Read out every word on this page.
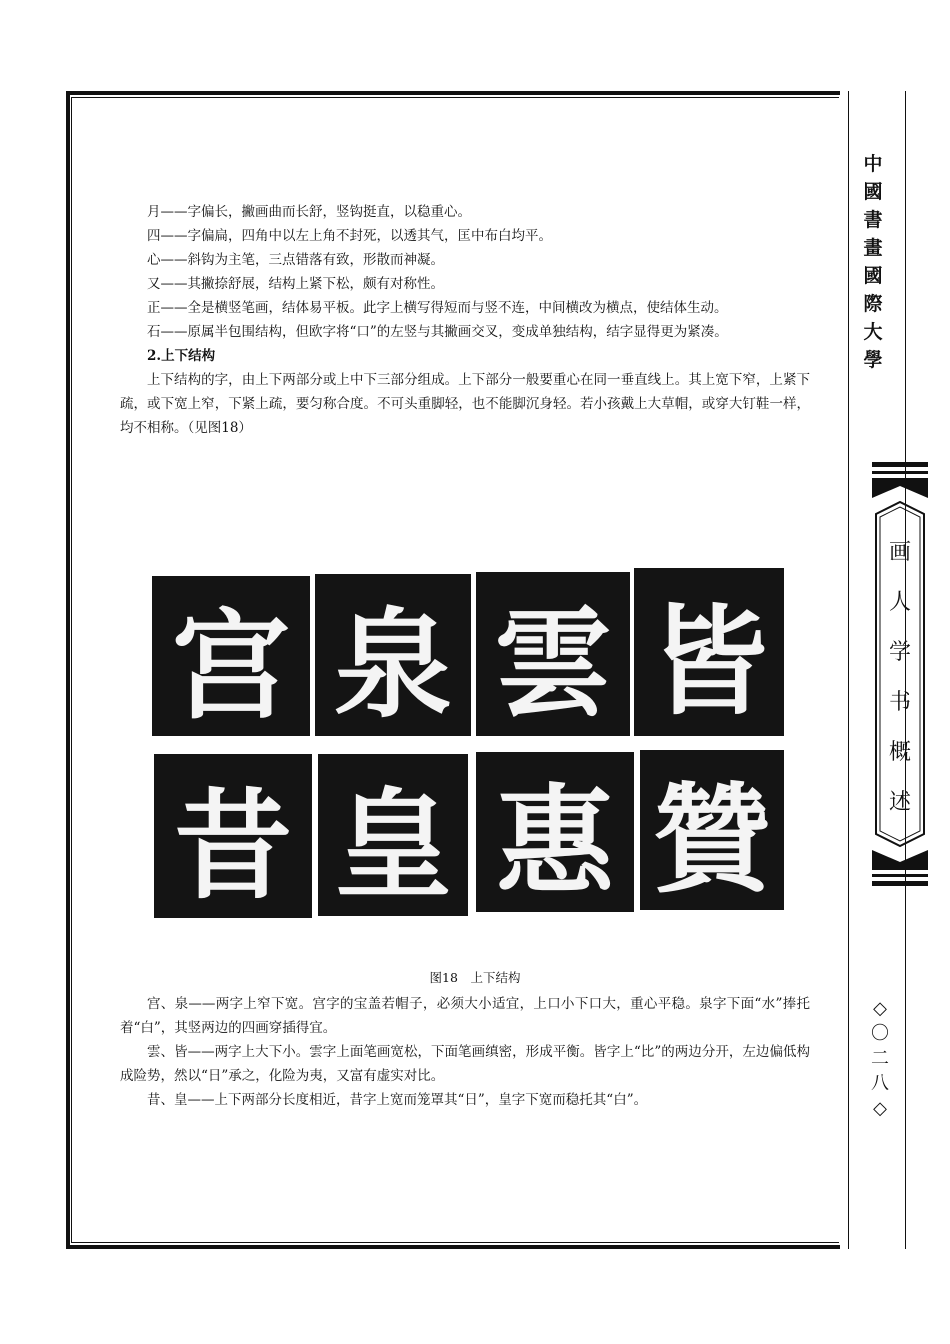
月——字偏长，撇画曲而长舒，竖钩挺直，以稳重心。

四——字偏扁，四角中以左上角不封死，以透其气，匡中布白均平。

心——斜钩为主笔，三点错落有致，形散而神凝。

又——其撇捺舒展，结构上紧下松，颇有对称性。

正——全是横竖笔画，结体易平板。此字上横写得短而与竖不连，中间横改为横点，使结体生动。

石——原属半包围结构，但欧字将“口”的左竖与其撇画交叉，变成单独结构，结字显得更为紧凑。

2.上下结构

上下结构的字，由上下两部分或上中下三部分组成。上下部分一般要重心在同一垂直线上。其上宽下窄，上紧下疏，或下宽上窄，下紧上疏，要匀称合度。不可头重脚轻，也不能脚沉身轻。若小孩戴上大草帽，或穿大钉鞋一样，均不相称。（见图18）

宫 泉 雲 皆
昔 皇 惠 贊
图18　上下结构

宫、泉——两字上窄下宽。宫字的宝盖若帽子，必须大小适宜，上口小下口大，重心平稳。泉字下面“水”捧托着“白”，其竖两边的四画穿插得宜。

雲、皆——两字上大下小。雲字上面笔画宽松，下面笔画缜密，形成平衡。皆字上“比”的两边分开，左边偏低构成险势，然以“日”承之，化险为夷，又富有虚实对比。

昔、皇——上下两部分长度相近，昔字上宽而笼罩其“日”，皇字下宽而稳托其“白”。

中
國
書
畫
國
際
大
學
画
人
学
书
概
述
◇
〇
二
八
◇
